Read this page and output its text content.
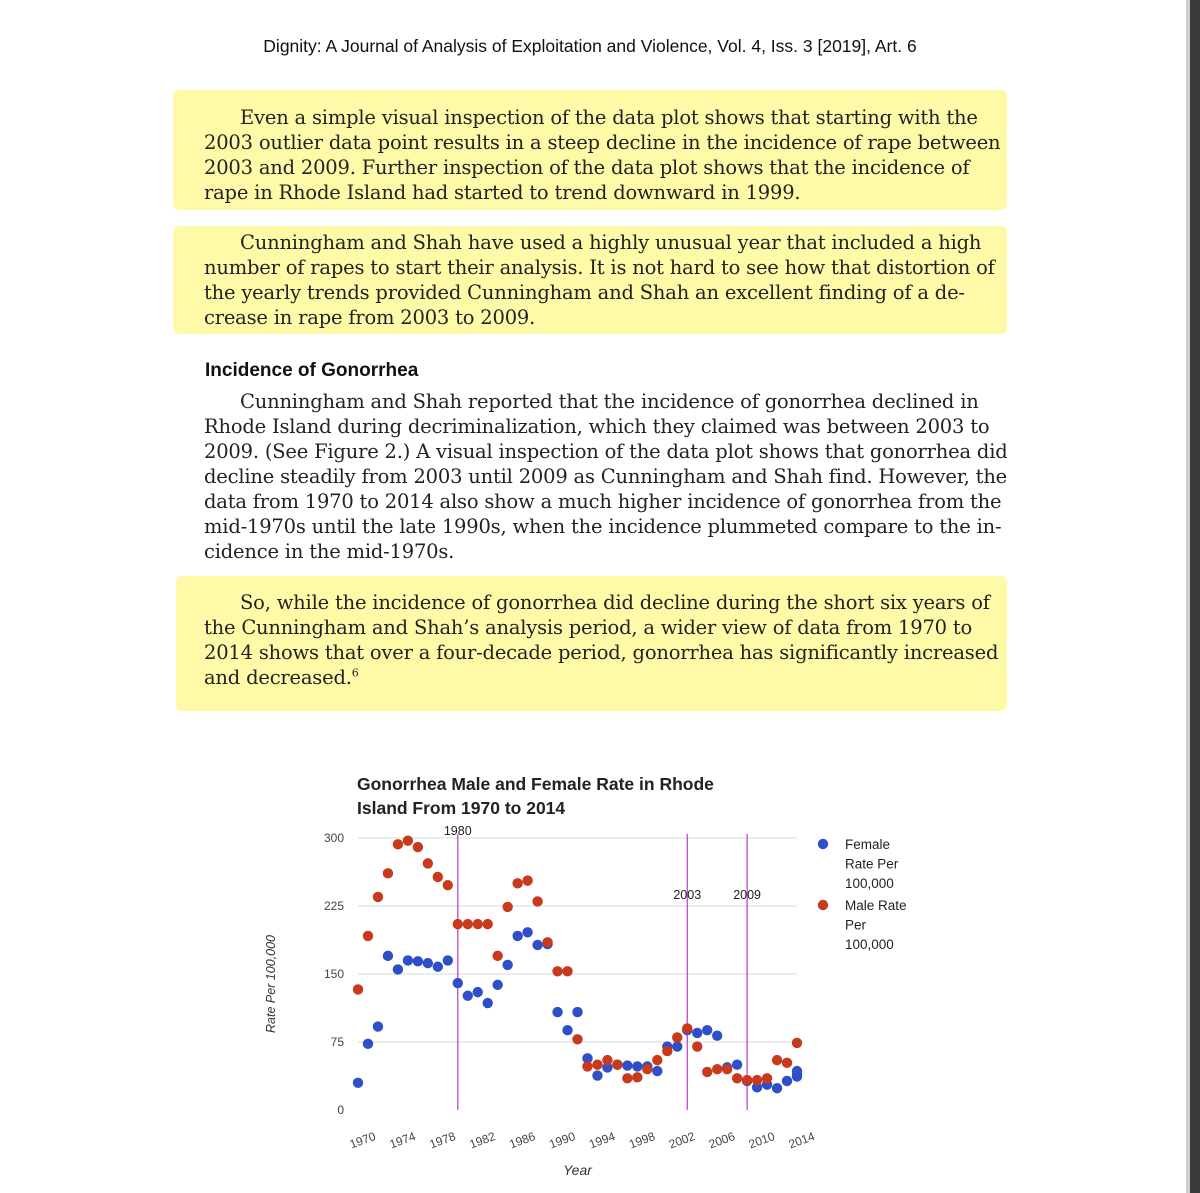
Dignity: A Journal of Analysis of Exploitation and Violence, Vol. 4, Iss. 3 [2019], Art. 6
Even a simple visual inspection of the data plot shows that starting with the
2003 outlier data point results in a steep decline in the incidence of rape between
2003 and 2009. Further inspection of the data plot shows that the incidence of
rape in Rhode Island had started to trend downward in 1999.
Cunningham and Shah have used a highly unusual year that included a high
number of rapes to start their analysis. It is not hard to see how that distortion of
the yearly trends provided Cunningham and Shah an excellent finding of a de-
crease in rape from 2003 to 2009.
Incidence of Gonorrhea
Cunningham and Shah reported that the incidence of gonorrhea declined in
Rhode Island during decriminalization, which they claimed was between 2003 to
2009. (See Figure 2.) A visual inspection of the data plot shows that gonorrhea did
decline steadily from 2003 until 2009 as Cunningham and Shah find. However, the
data from 1970 to 2014 also show a much higher incidence of gonorrhea from the
mid-1970s until the late 1990s, when the incidence plummeted compare to the in-
cidence in the mid-1970s.
So, while the incidence of gonorrhea did decline during the short six years of
the Cunningham and Shah’s analysis period, a wider view of data from 1970 to
2014 shows that over a four-decade period, gonorrhea has significantly increased
and decreased.$^6$
Gonorrhea Male and Female Rate in Rhode
Island From 1970 to 2014
0
75
150
225
300
Rate Per 100,000
1970 1974 1978 1982 1986 1990 1994 1998 2002 2006 2010 2014
Year
1980
2003	2009
Female
Rate Per
100,000
Male Rate
Per
100,000
